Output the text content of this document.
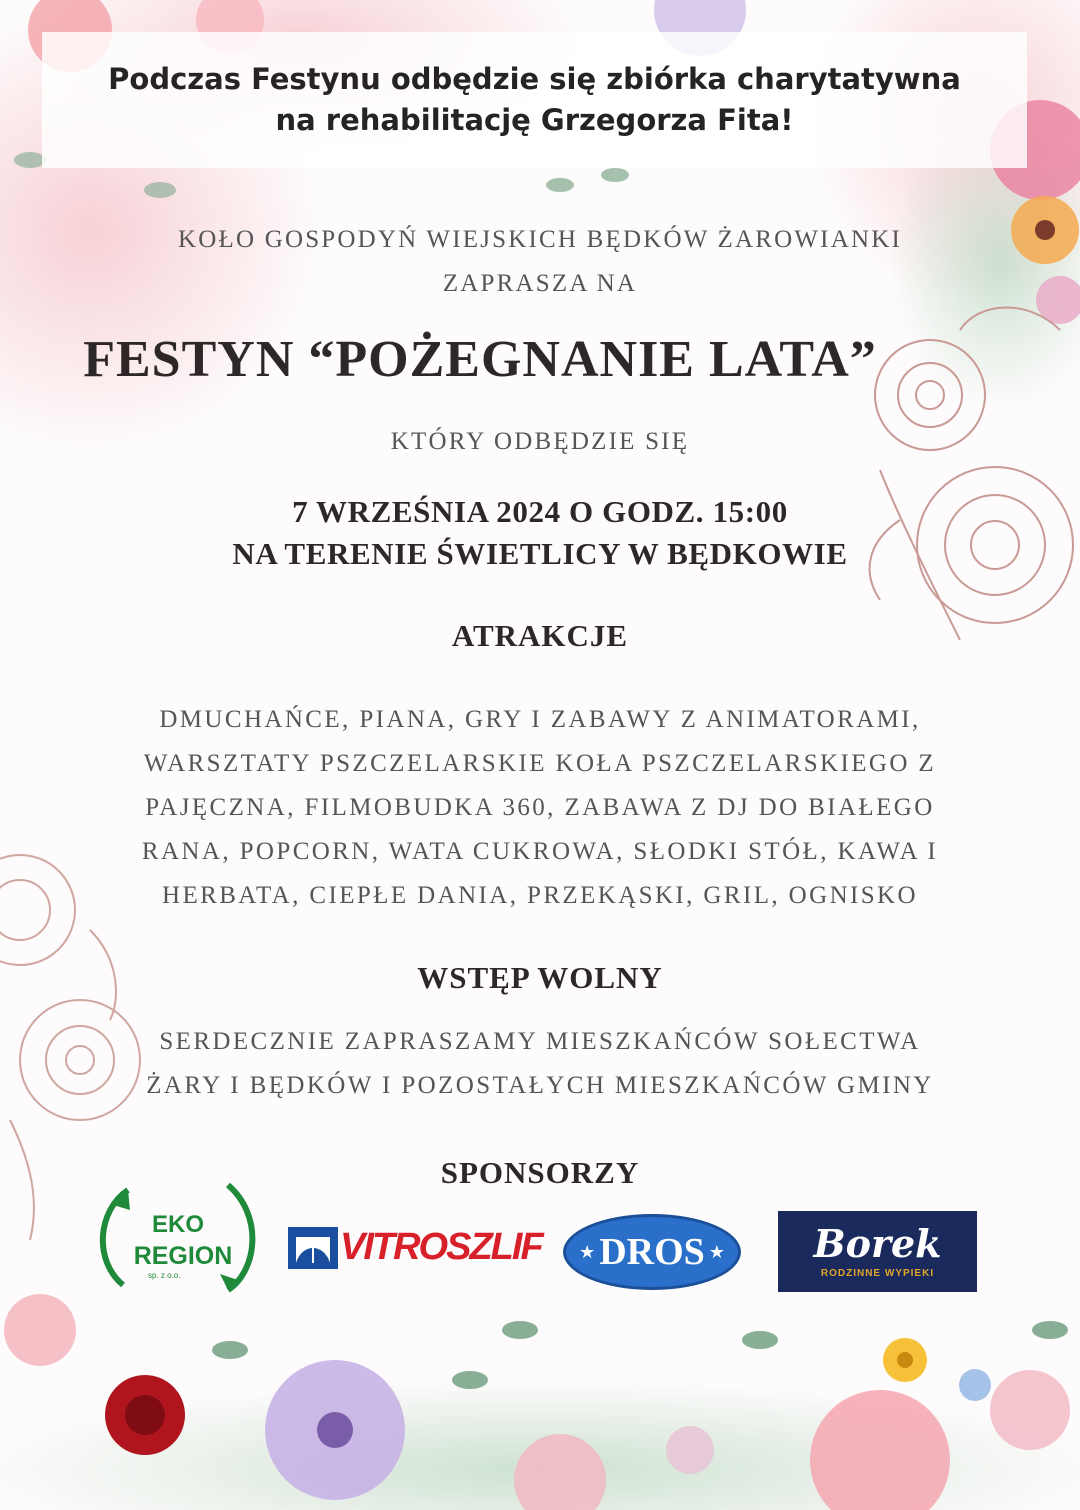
Podczas Festynu odbędzie się zbiórka charytatywna
na rehabilitację Grzegorza Fita!
KOŁO GOSPODYŃ WIEJSKICH BĘDKÓW ŻAROWIANKI
ZAPRASZA NA
FESTYN “POŻEGNANIE LATA”
KTÓRY ODBĘDZIE SIĘ
7 WRZEŚNIA 2024 O GODZ. 15:00
NA TERENIE ŚWIETLICY W BĘDKOWIE
ATRAKCJE
DMUCHAŃCE, PIANA, GRY I ZABAWY Z ANIMATORAMI,
WARSZTATY PSZCZELARSKIE KOŁA PSZCZELARSKIEGO Z
PAJĘCZNA, FILMOBUDKA 360, ZABAWA Z DJ DO BIAŁEGO
RANA, POPCORN, WATA CUKROWA, SŁODKI STÓŁ, KAWA I
HERBATA, CIEPŁE DANIA, PRZEKĄSKI, GRIL, OGNISKO
WSTĘP WOLNY
SERDECZNIE ZAPRASZAMY MIESZKAŃCÓW SOŁECTWA
ŻARY I BĘDKÓW I POZOSTAŁYCH MIESZKAŃCÓW GMINY
SPONSORZY
EKO
REGION
sp. z o.o.
VITROSZLIF ★ DROS ★ Borek
RODZINNE WYPIEKI
